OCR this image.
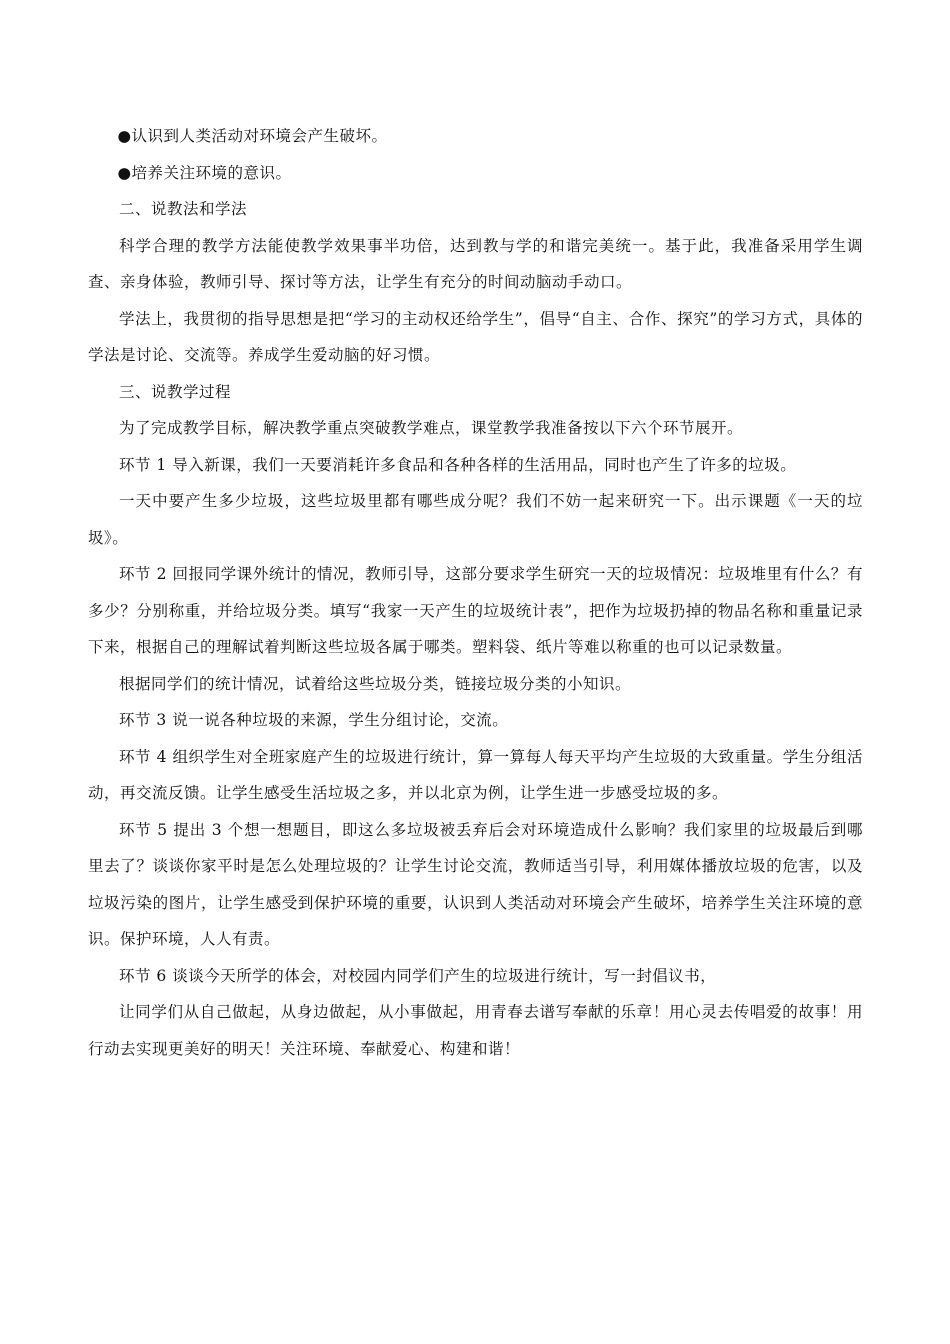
●认识到人类活动对环境会产生破坏。

●培养关注环境的意识。

二、说教法和学法

科学合理的教学方法能使教学效果事半功倍，达到教与学的和谐完美统一。基于此，我准备采用学生调查、亲身体验，教师引导、探讨等方法，让学生有充分的时间动脑动手动口。

学法上，我贯彻的指导思想是把“学习的主动权还给学生”，倡导“自主、合作、探究”的学习方式，具体的学法是讨论、交流等。养成学生爱动脑的好习惯。

三、说教学过程

为了完成教学目标，解决教学重点突破教学难点，课堂教学我准备按以下六个环节展开。

环节 1 导入新课，我们一天要消耗许多食品和各种各样的生活用品，同时也产生了许多的垃圾。

一天中要产生多少垃圾，这些垃圾里都有哪些成分呢？我们不妨一起来研究一下。出示课题《一天的垃圾》。

环节 2 回报同学课外统计的情况，教师引导，这部分要求学生研究一天的垃圾情况：垃圾堆里有什么？有多少？分别称重，并给垃圾分类。填写“我家一天产生的垃圾统计表”，把作为垃圾扔掉的物品名称和重量记录下来，根据自己的理解试着判断这些垃圾各属于哪类。塑料袋、纸片等难以称重的也可以记录数量。

根据同学们的统计情况，试着给这些垃圾分类，链接垃圾分类的小知识。

环节 3 说一说各种垃圾的来源，学生分组讨论，交流。

环节 4 组织学生对全班家庭产生的垃圾进行统计，算一算每人每天平均产生垃圾的大致重量。学生分组活动，再交流反馈。让学生感受生活垃圾之多，并以北京为例，让学生进一步感受垃圾的多。

环节 5 提出 3 个想一想题目，即这么多垃圾被丢弃后会对环境造成什么影响？我们家里的垃圾最后到哪里去了？谈谈你家平时是怎么处理垃圾的？让学生讨论交流，教师适当引导，利用媒体播放垃圾的危害，以及垃圾污染的图片，让学生感受到保护环境的重要，认识到人类活动对环境会产生破坏，培养学生关注环境的意识。保护环境，人人有责。

环节 6 谈谈今天所学的体会，对校园内同学们产生的垃圾进行统计，写一封倡议书，

让同学们从自己做起，从身边做起，从小事做起，用青春去谱写奉献的乐章！用心灵去传唱爱的故事！用行动去实现更美好的明天！关注环境、奉献爱心、构建和谐！
